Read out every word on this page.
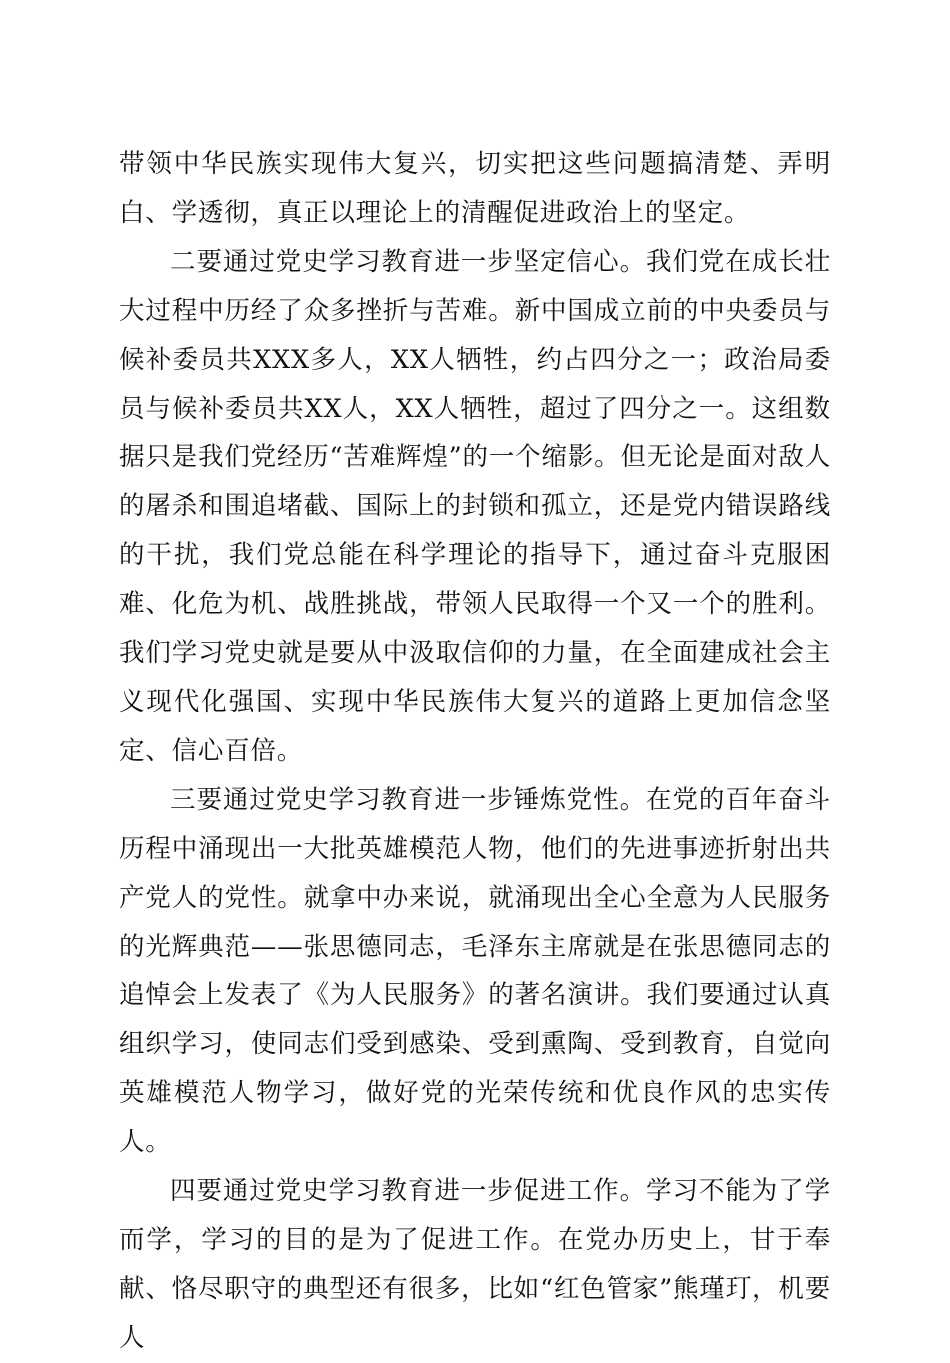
带领中华民族实现伟大复兴，切实把这些问题搞清楚、弄明白、学透彻，真正以理论上的清醒促进政治上的坚定。

二要通过党史学习教育进一步坚定信心。我们党在成长壮大过程中历经了众多挫折与苦难。新中国成立前的中央委员与候补委员共XXX多人，XX人牺牲，约占四分之一；政治局委员与候补委员共XX人，XX人牺牲，超过了四分之一。这组数据只是我们党经历“苦难辉煌”的一个缩影。但无论是面对敌人的屠杀和围追堵截、国际上的封锁和孤立，还是党内错误路线的干扰，我们党总能在科学理论的指导下，通过奋斗克服困难、化危为机、战胜挑战，带领人民取得一个又一个的胜利。我们学习党史就是要从中汲取信仰的力量，在全面建成社会主义现代化强国、实现中华民族伟大复兴的道路上更加信念坚定、信心百倍。

三要通过党史学习教育进一步锤炼党性。在党的百年奋斗历程中涌现出一大批英雄模范人物，他们的先进事迹折射出共产党人的党性。就拿中办来说，就涌现出全心全意为人民服务的光辉典范——张思德同志，毛泽东主席就是在张思德同志的追悼会上发表了《为人民服务》的著名演讲。我们要通过认真组织学习，使同志们受到感染、受到熏陶、受到教育，自觉向英雄模范人物学习，做好党的光荣传统和优良作风的忠实传人。

四要通过党史学习教育进一步促进工作。学习不能为了学而学，学习的目的是为了促进工作。在党办历史上，甘于奉献、恪尽职守的典型还有很多，比如“红色管家”熊瑾玎，机要人
